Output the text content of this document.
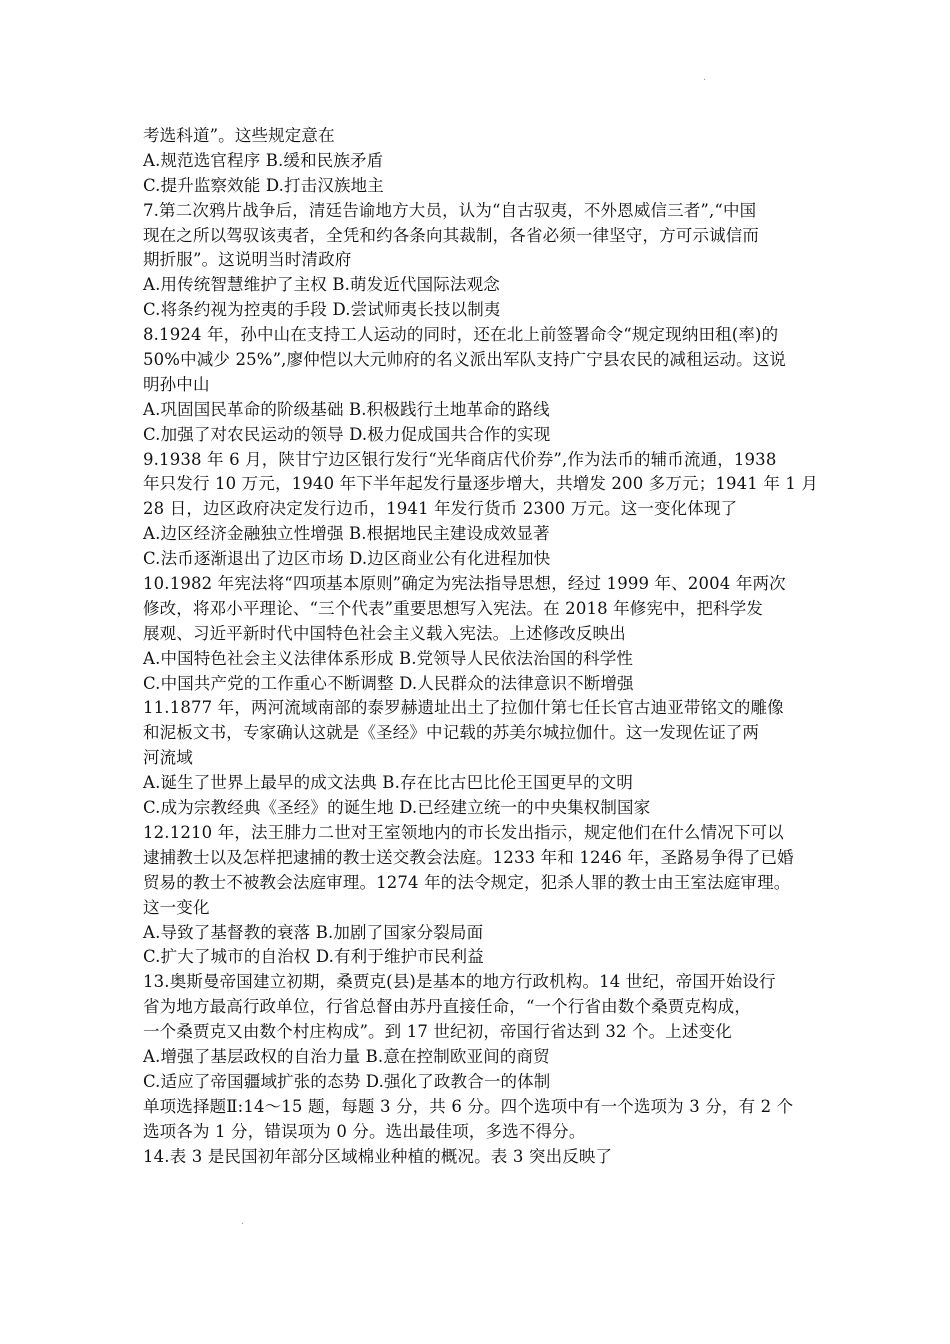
·
考选科道”。这些规定意在
A.规范选官程序 B.缓和民族矛盾
C.提升监察效能 D.打击汉族地主
7.第二次鸦片战争后，清廷告谕地方大员，认为“自古驭夷，不外恩威信三者”,“中国
现在之所以驾驭该夷者，全凭和约各条向其裁制，各省必须一律坚守，方可示诚信而
期折服”。这说明当时清政府
A.用传统智慧维护了主权 B.萌发近代国际法观念
C.将条约视为控夷的手段 D.尝试师夷长技以制夷
8.1924 年，孙中山在支持工人运动的同时，还在北上前签署命令“规定现纳田租(率)的
50%中减少 25%”,廖仲恺以大元帅府的名义派出军队支持广宁县农民的减租运动。这说
明孙中山
A.巩固国民革命的阶级基础 B.积极践行土地革命的路线
C.加强了对农民运动的领导 D.极力促成国共合作的实现
9.1938 年 6 月，陕甘宁边区银行发行“光华商店代价券”,作为法币的辅币流通，1938
年只发行 10 万元，1940 年下半年起发行量逐步增大，共增发 200 多万元；1941 年 1 月
28 日，边区政府决定发行边币，1941 年发行货币 2300 万元。这一变化体现了
A.边区经济金融独立性增强 B.根据地民主建设成效显著
C.法币逐渐退出了边区市场 D.边区商业公有化进程加快
10.1982 年宪法将“四项基本原则”确定为宪法指导思想，经过 1999 年、2004 年两次
修改，将邓小平理论、“三个代表”重要思想写入宪法。在 2018 年修宪中，把科学发
展观、习近平新时代中国特色社会主义载入宪法。上述修改反映出
A.中国特色社会主义法律体系形成 B.党领导人民依法治国的科学性
C.中国共产党的工作重心不断调整 D.人民群众的法律意识不断增强
11.1877 年，两河流域南部的泰罗赫遗址出土了拉伽什第七任长官古迪亚带铭文的雕像
和泥板文书，专家确认这就是《圣经》中记载的苏美尔城拉伽什。这一发现佐证了两
河流域
A.诞生了世界上最早的成文法典 B.存在比古巴比伦王国更早的文明
C.成为宗教经典《圣经》的诞生地 D.已经建立统一的中央集权制国家
12.1210 年，法王腓力二世对王室领地内的市长发出指示，规定他们在什么情况下可以
逮捕教士以及怎样把逮捕的教士送交教会法庭。1233 年和 1246 年，圣路易争得了已婚
贸易的教士不被教会法庭审理。1274 年的法令规定，犯杀人罪的教士由王室法庭审理。
这一变化
A.导致了基督教的衰落 B.加剧了国家分裂局面
C.扩大了城市的自治权 D.有利于维护市民利益
13.奥斯曼帝国建立初期，桑贾克(县)是基本的地方行政机构。14 世纪，帝国开始设行
省为地方最高行政单位，行省总督由苏丹直接任命，“一个行省由数个桑贾克构成，
一个桑贾克又由数个村庄构成”。到 17 世纪初，帝国行省达到 32 个。上述变化
A.增强了基层政权的自治力量 B.意在控制欧亚间的商贸
C.适应了帝国疆域扩张的态势 D.强化了政教合一的体制
单项选择题Ⅱ:14～15 题，每题 3 分，共 6 分。四个选项中有一个选项为 3 分，有 2 个
选项各为 1 分，错误项为 0 分。选出最佳项，多选不得分。
14.表 3 是民国初年部分区域棉业种植的概况。表 3 突出反映了
·
